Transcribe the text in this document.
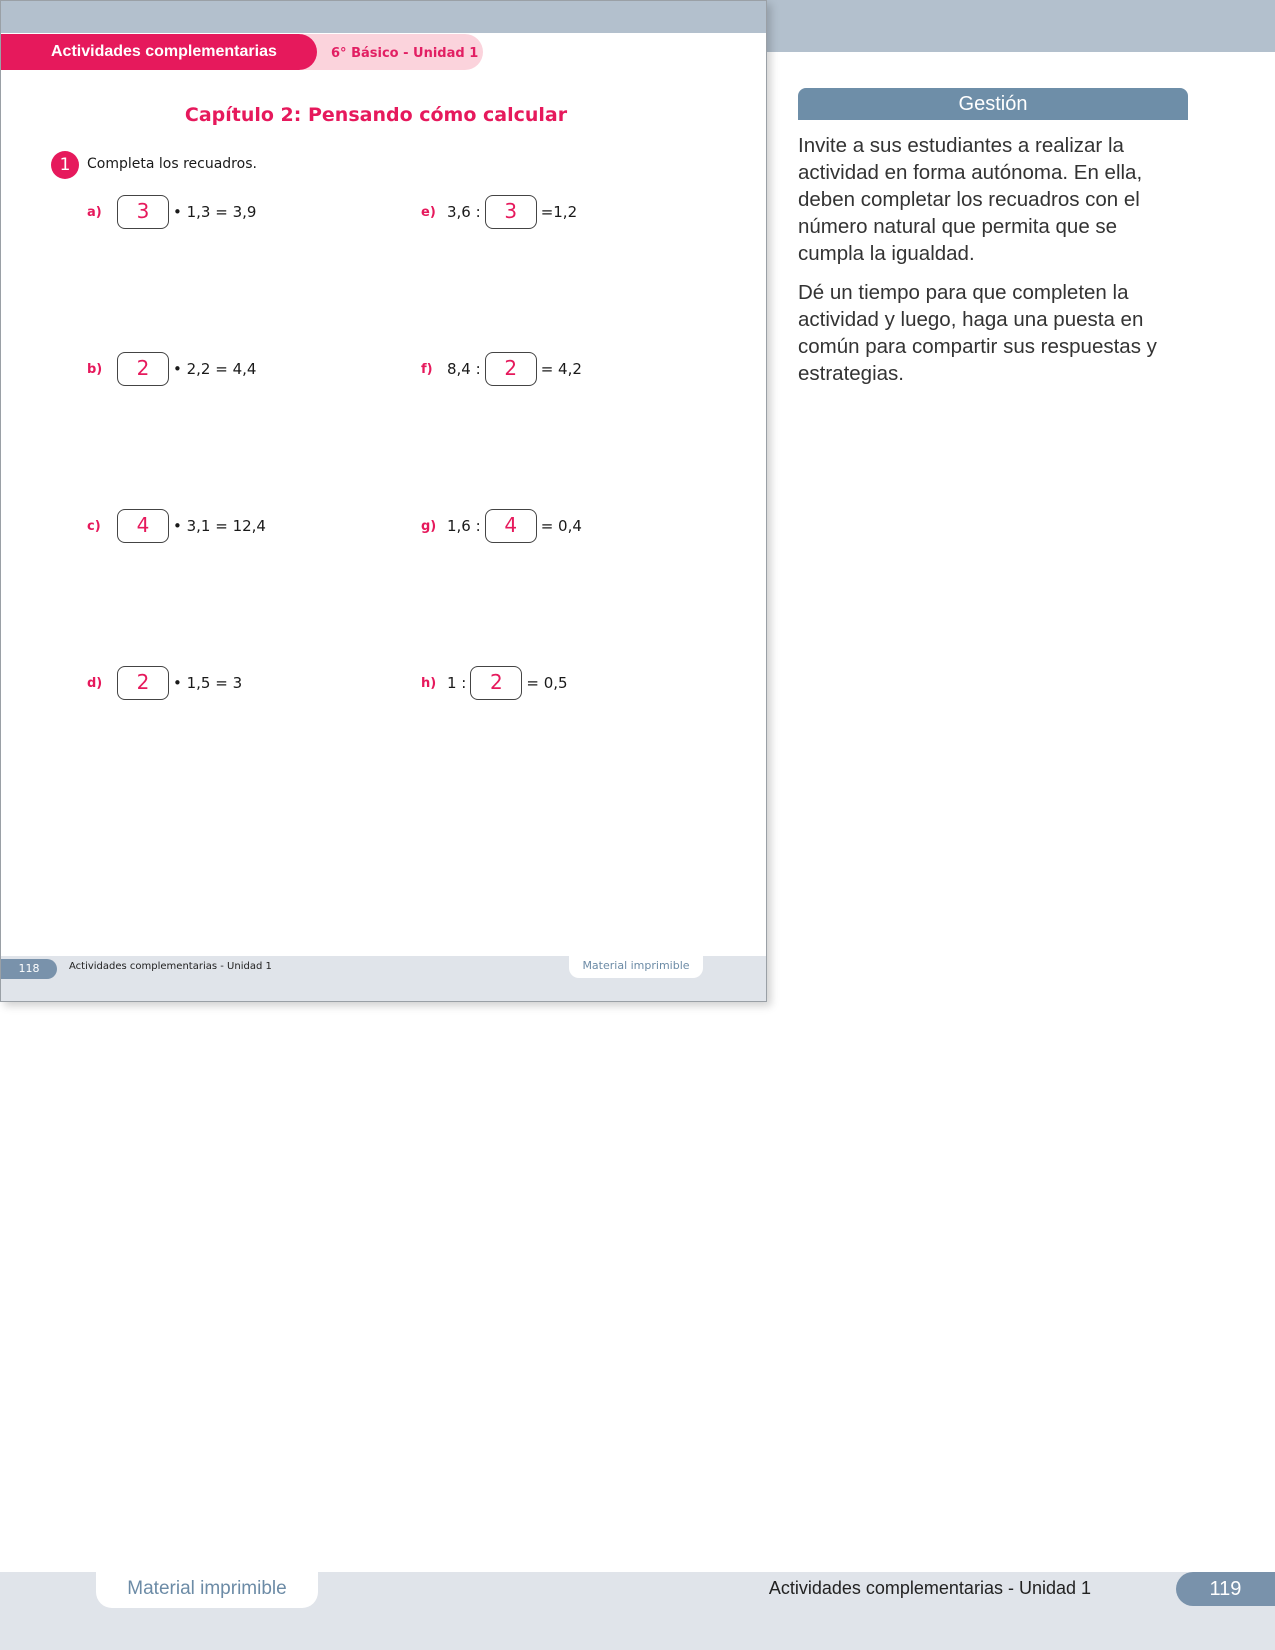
6° Básico - Unidad 1
Actividades complementarias
Capítulo 2: Pensando cómo calcular
1	Completa los recuadros.
a)	3	• 1,3 = 3,9
b)	2	• 2,2 = 4,4
c)	4	• 3,1 = 12,4
d)	2	• 1,5 = 3
e) 3,6 :	3	=1,2
f) 8,4 :	2	= 4,2
g) 1,6 :	4	= 0,4
h) 1 :	2	= 0,5
118	Actividades complementarias - Unidad 1	Material imprimible
Gestión

Invite a sus estudiantes a realizar la actividad en forma autónoma. En ella, deben completar los recuadros con el número natural que permita que se cumpla la igualdad.

Dé un tiempo para que completen la actividad y luego, haga una puesta en común para compartir sus respuestas y estrategias.

Material imprimible	Actividades complementarias - Unidad 1	119
